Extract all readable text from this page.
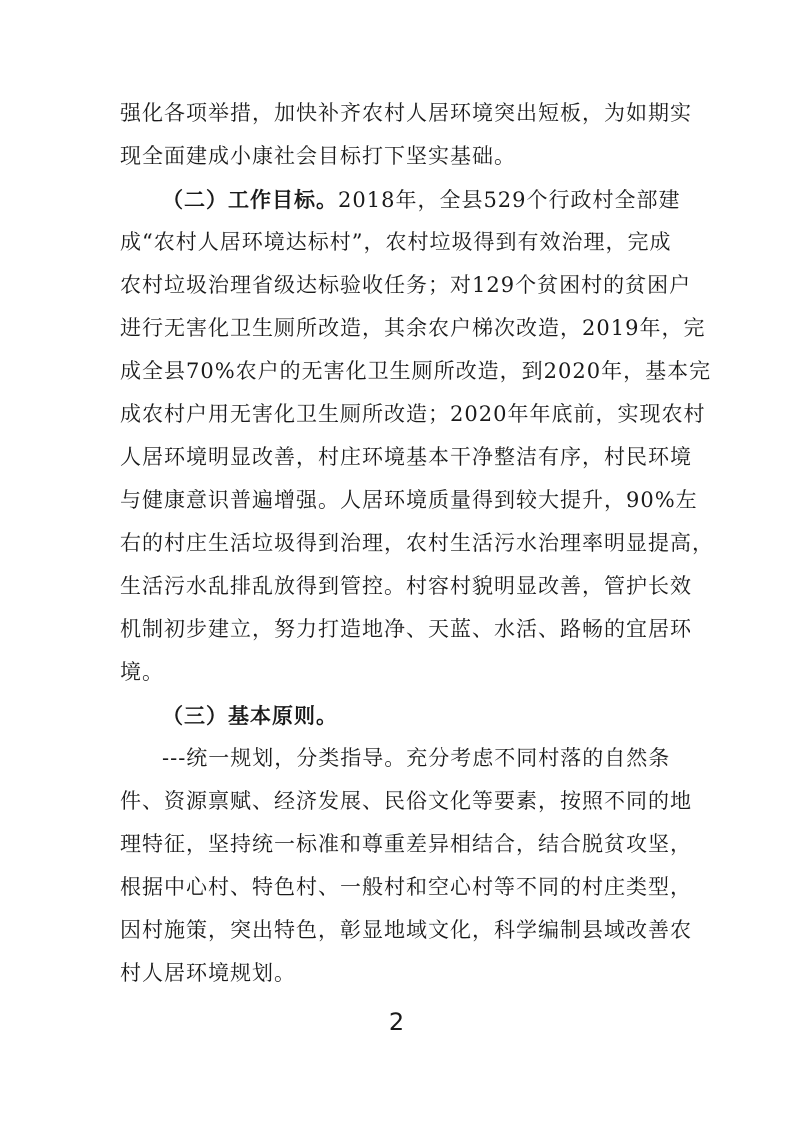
强化各项举措，加快补齐农村人居环境突出短板，为如期实
现全面建成小康社会目标打下坚实基础。
（二）工作目标。2018年，全县529个行政村全部建
成“农村人居环境达标村”，农村垃圾得到有效治理，完成
农村垃圾治理省级达标验收任务；对129个贫困村的贫困户
进行无害化卫生厕所改造，其余农户梯次改造，2019年，完
成全县70%农户的无害化卫生厕所改造，到2020年，基本完
成农村户用无害化卫生厕所改造；2020年年底前，实现农村
人居环境明显改善，村庄环境基本干净整洁有序，村民环境
与健康意识普遍增强。人居环境质量得到较大提升，90%左
右的村庄生活垃圾得到治理，农村生活污水治理率明显提高，
生活污水乱排乱放得到管控。村容村貌明显改善，管护长效
机制初步建立，努力打造地净、天蓝、水活、路畅的宜居环
境。
（三）基本原则。
---统一规划，分类指导。充分考虑不同村落的自然条
件、资源禀赋、经济发展、民俗文化等要素，按照不同的地
理特征，坚持统一标准和尊重差异相结合，结合脱贫攻坚，
根据中心村、特色村、一般村和空心村等不同的村庄类型，
因村施策，突出特色，彰显地域文化，科学编制县域改善农
村人居环境规划。
2
